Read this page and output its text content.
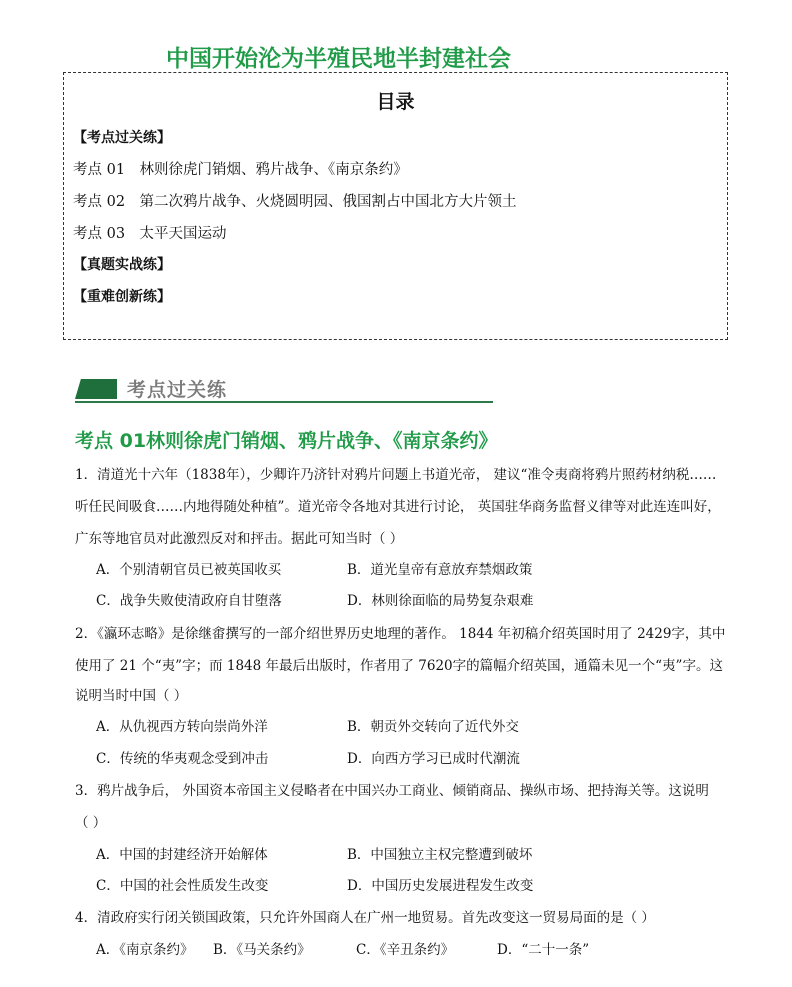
中国开始沦为半殖民地半封建社会
目录
【考点过关练】
考点 01　林则徐虎门销烟、鸦片战争、《南京条约》
考点 02　第二次鸦片战争、火烧圆明园、俄国割占中国北方大片领土
考点 03　太平天国运动
【真题实战练】
【重难创新练】
考点过关练
考点 01林则徐虎门销烟、鸦片战争、《南京条约》
1．清道光十六年（1838年），少卿许乃济针对鸦片问题上书道光帝， 建议“准令夷商将鸦片照药材纳税……
听任民间吸食……内地得随处种植”。道光帝令各地对其进行讨论， 英国驻华商务监督义律等对此连连叫好，
广东等地官员对此激烈反对和抨击。据此可知当时（ ）
A．个别清朝官员已被英国收买	B．道光皇帝有意放弃禁烟政策
C．战争失败使清政府自甘堕落	D．林则徐面临的局势复杂艰难
2．《瀛环志略》是徐继畬撰写的一部介绍世界历史地理的著作。 1844 年初稿介绍英国时用了 2429字，其中
使用了 21 个“夷”字；而 1848 年最后出版时，作者用了 7620字的篇幅介绍英国，通篇未见一个“夷”字。这
说明当时中国（ ）
A．从仇视西方转向崇尚外洋	B．朝贡外交转向了近代外交
C．传统的华夷观念受到冲击	D．向西方学习已成时代潮流
3．鸦片战争后， 外国资本帝国主义侵略者在中国兴办工商业、倾销商品、操纵市场、把持海关等。这说明
（ ）
A．中国的封建经济开始解体	B．中国独立主权完整遭到破坏
C．中国的社会性质发生改变	D．中国历史发展进程发生改变
4．清政府实行闭关锁国政策，只允许外国商人在广州一地贸易。首先改变这一贸易局面的是（ ）
A．《南京条约》 B．《马关条约》	C．《辛丑条约》	D．“二十一条”
